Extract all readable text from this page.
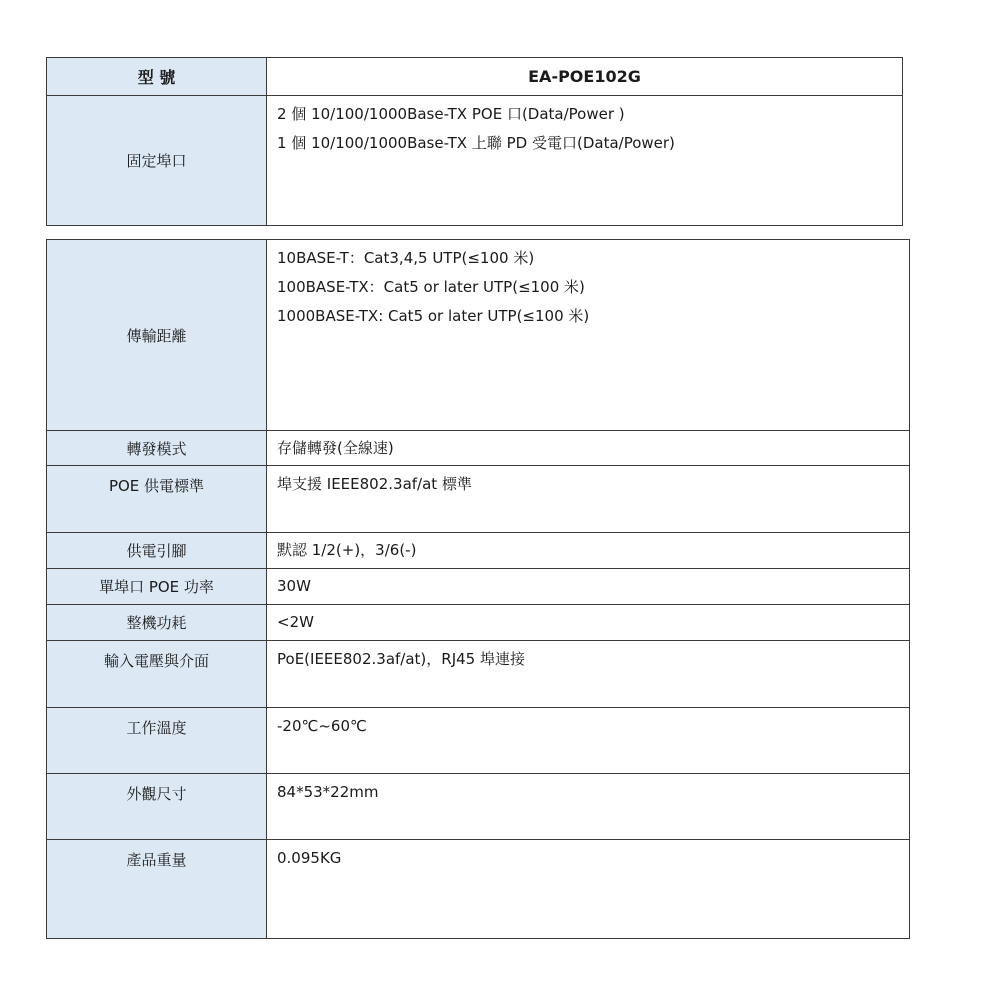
型 號	EA-POE102G
固定埠口	2 個 10/100/1000Base-TX POE 口(Data/Power )
1 個 10/100/1000Base-TX 上聯 PD 受電口(Data/Power)
傳輸距離	10BASE-T：Cat3,4,5 UTP(≤100 米)
100BASE-TX：Cat5 or later UTP(≤100 米)
1000BASE-TX: Cat5 or later UTP(≤100 米)

轉發模式	存儲轉發(全線速)

POE 供電標準	埠支援 IEEE802.3af/at 標準

供電引腳	默認 1/2(+)，3/6(-)

單埠口 POE 功率	30W

整機功耗	<2W

輸入電壓與介面	PoE(IEEE802.3af/at)，RJ45 埠連接

工作溫度	-20℃~60℃

外觀尺寸	84*53*22mm

產品重量	0.095KG
